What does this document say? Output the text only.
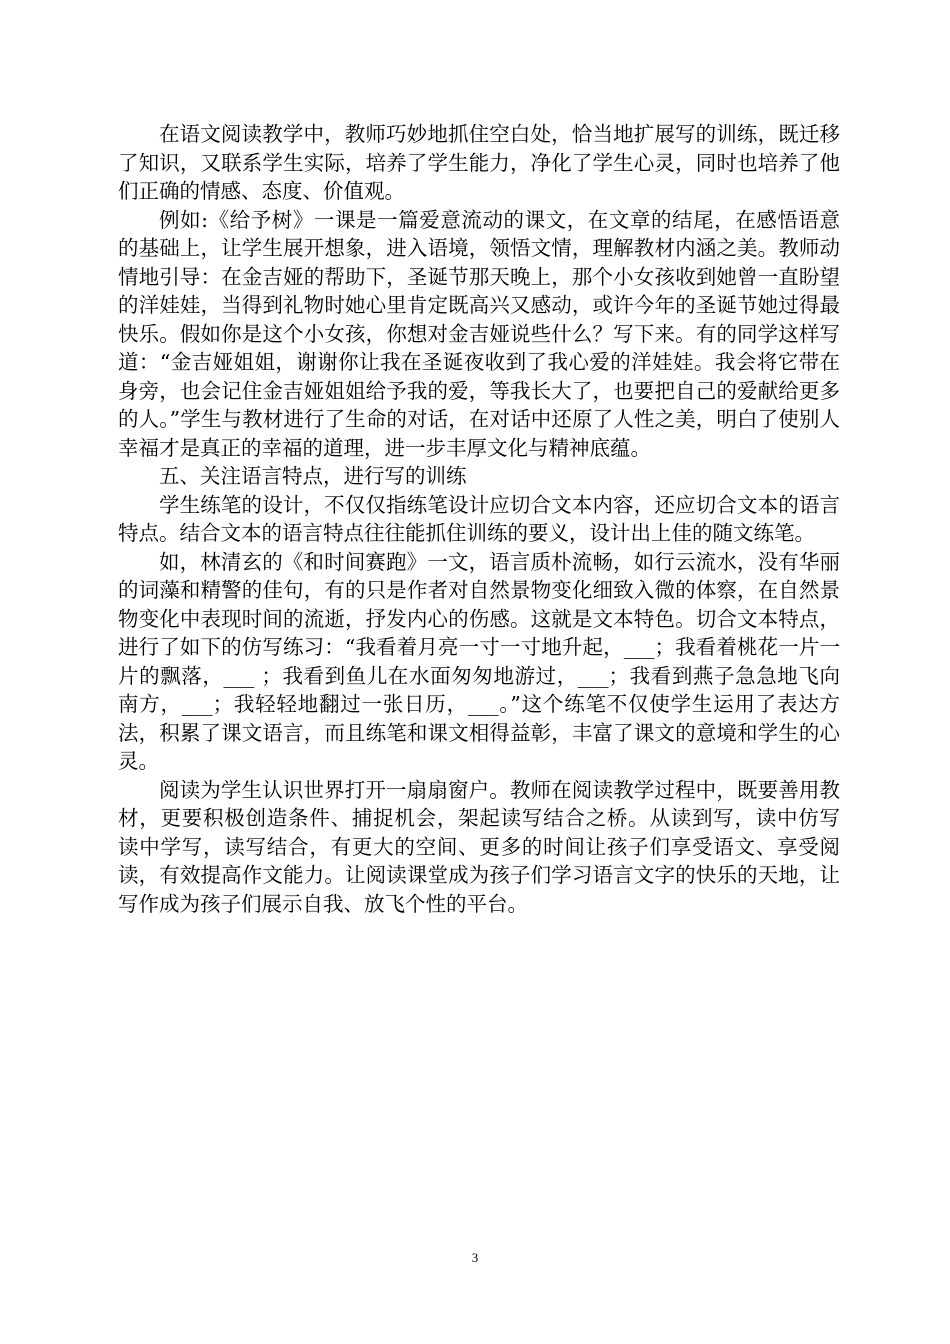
在语文阅读教学中，教师巧妙地抓住空白处，恰当地扩展写的训练，既迁移了知识，又联系学生实际，培养了学生能力，净化了学生心灵，同时也培养了他们正确的情感、态度、价值观。

例如:《给予树》一课是一篇爱意流动的课文，在文章的结尾，在感悟语意的基础上，让学生展开想象，进入语境，领悟文情，理解教材内涵之美。教师动情地引导：在金吉娅的帮助下，圣诞节那天晚上，那个小女孩收到她曾一直盼望的洋娃娃，当得到礼物时她心里肯定既高兴又感动，或许今年的圣诞节她过得最快乐。假如你是这个小女孩，你想对金吉娅说些什么？写下来。有的同学这样写道：“金吉娅姐姐，谢谢你让我在圣诞夜收到了我心爱的洋娃娃。我会将它带在身旁，也会记住金吉娅姐姐给予我的爱，等我长大了，也要把自己的爱献给更多的人。”学生与教材进行了生命的对话，在对话中还原了人性之美，明白了使别人幸福才是真正的幸福的道理，进一步丰厚文化与精神底蕴。

五、关注语言特点，进行写的训练

学生练笔的设计，不仅仅指练笔设计应切合文本内容，还应切合文本的语言特点。结合文本的语言特点往往能抓住训练的要义，设计出上佳的随文练笔。

如，林清玄的《和时间赛跑》一文，语言质朴流畅，如行云流水，没有华丽的词藻和精警的佳句，有的只是作者对自然景物变化细致入微的体察，在自然景物变化中表现时间的流逝，抒发内心的伤感。这就是文本特色。切合文本特点，进行了如下的仿写练习：“我看着月亮一寸一寸地升起，___；我看着桃花一片一片的飘落，___ ；我看到鱼儿在水面匆匆地游过，___；我看到燕子急急地飞向南方，___；我轻轻地翻过一张日历，___。”这个练笔不仅使学生运用了表达方法，积累了课文语言，而且练笔和课文相得益彰，丰富了课文的意境和学生的心灵。

阅读为学生认识世界打开一扇扇窗户。教师在阅读教学过程中，既要善用教材，更要积极创造条件、捕捉机会，架起读写结合之桥。从读到写，读中仿写 读中学写，读写结合，有更大的空间、更多的时间让孩子们享受语文、享受阅读，有效提高作文能力。让阅读课堂成为孩子们学习语言文字的快乐的天地，让写作成为孩子们展示自我、放飞个性的平台。

3
